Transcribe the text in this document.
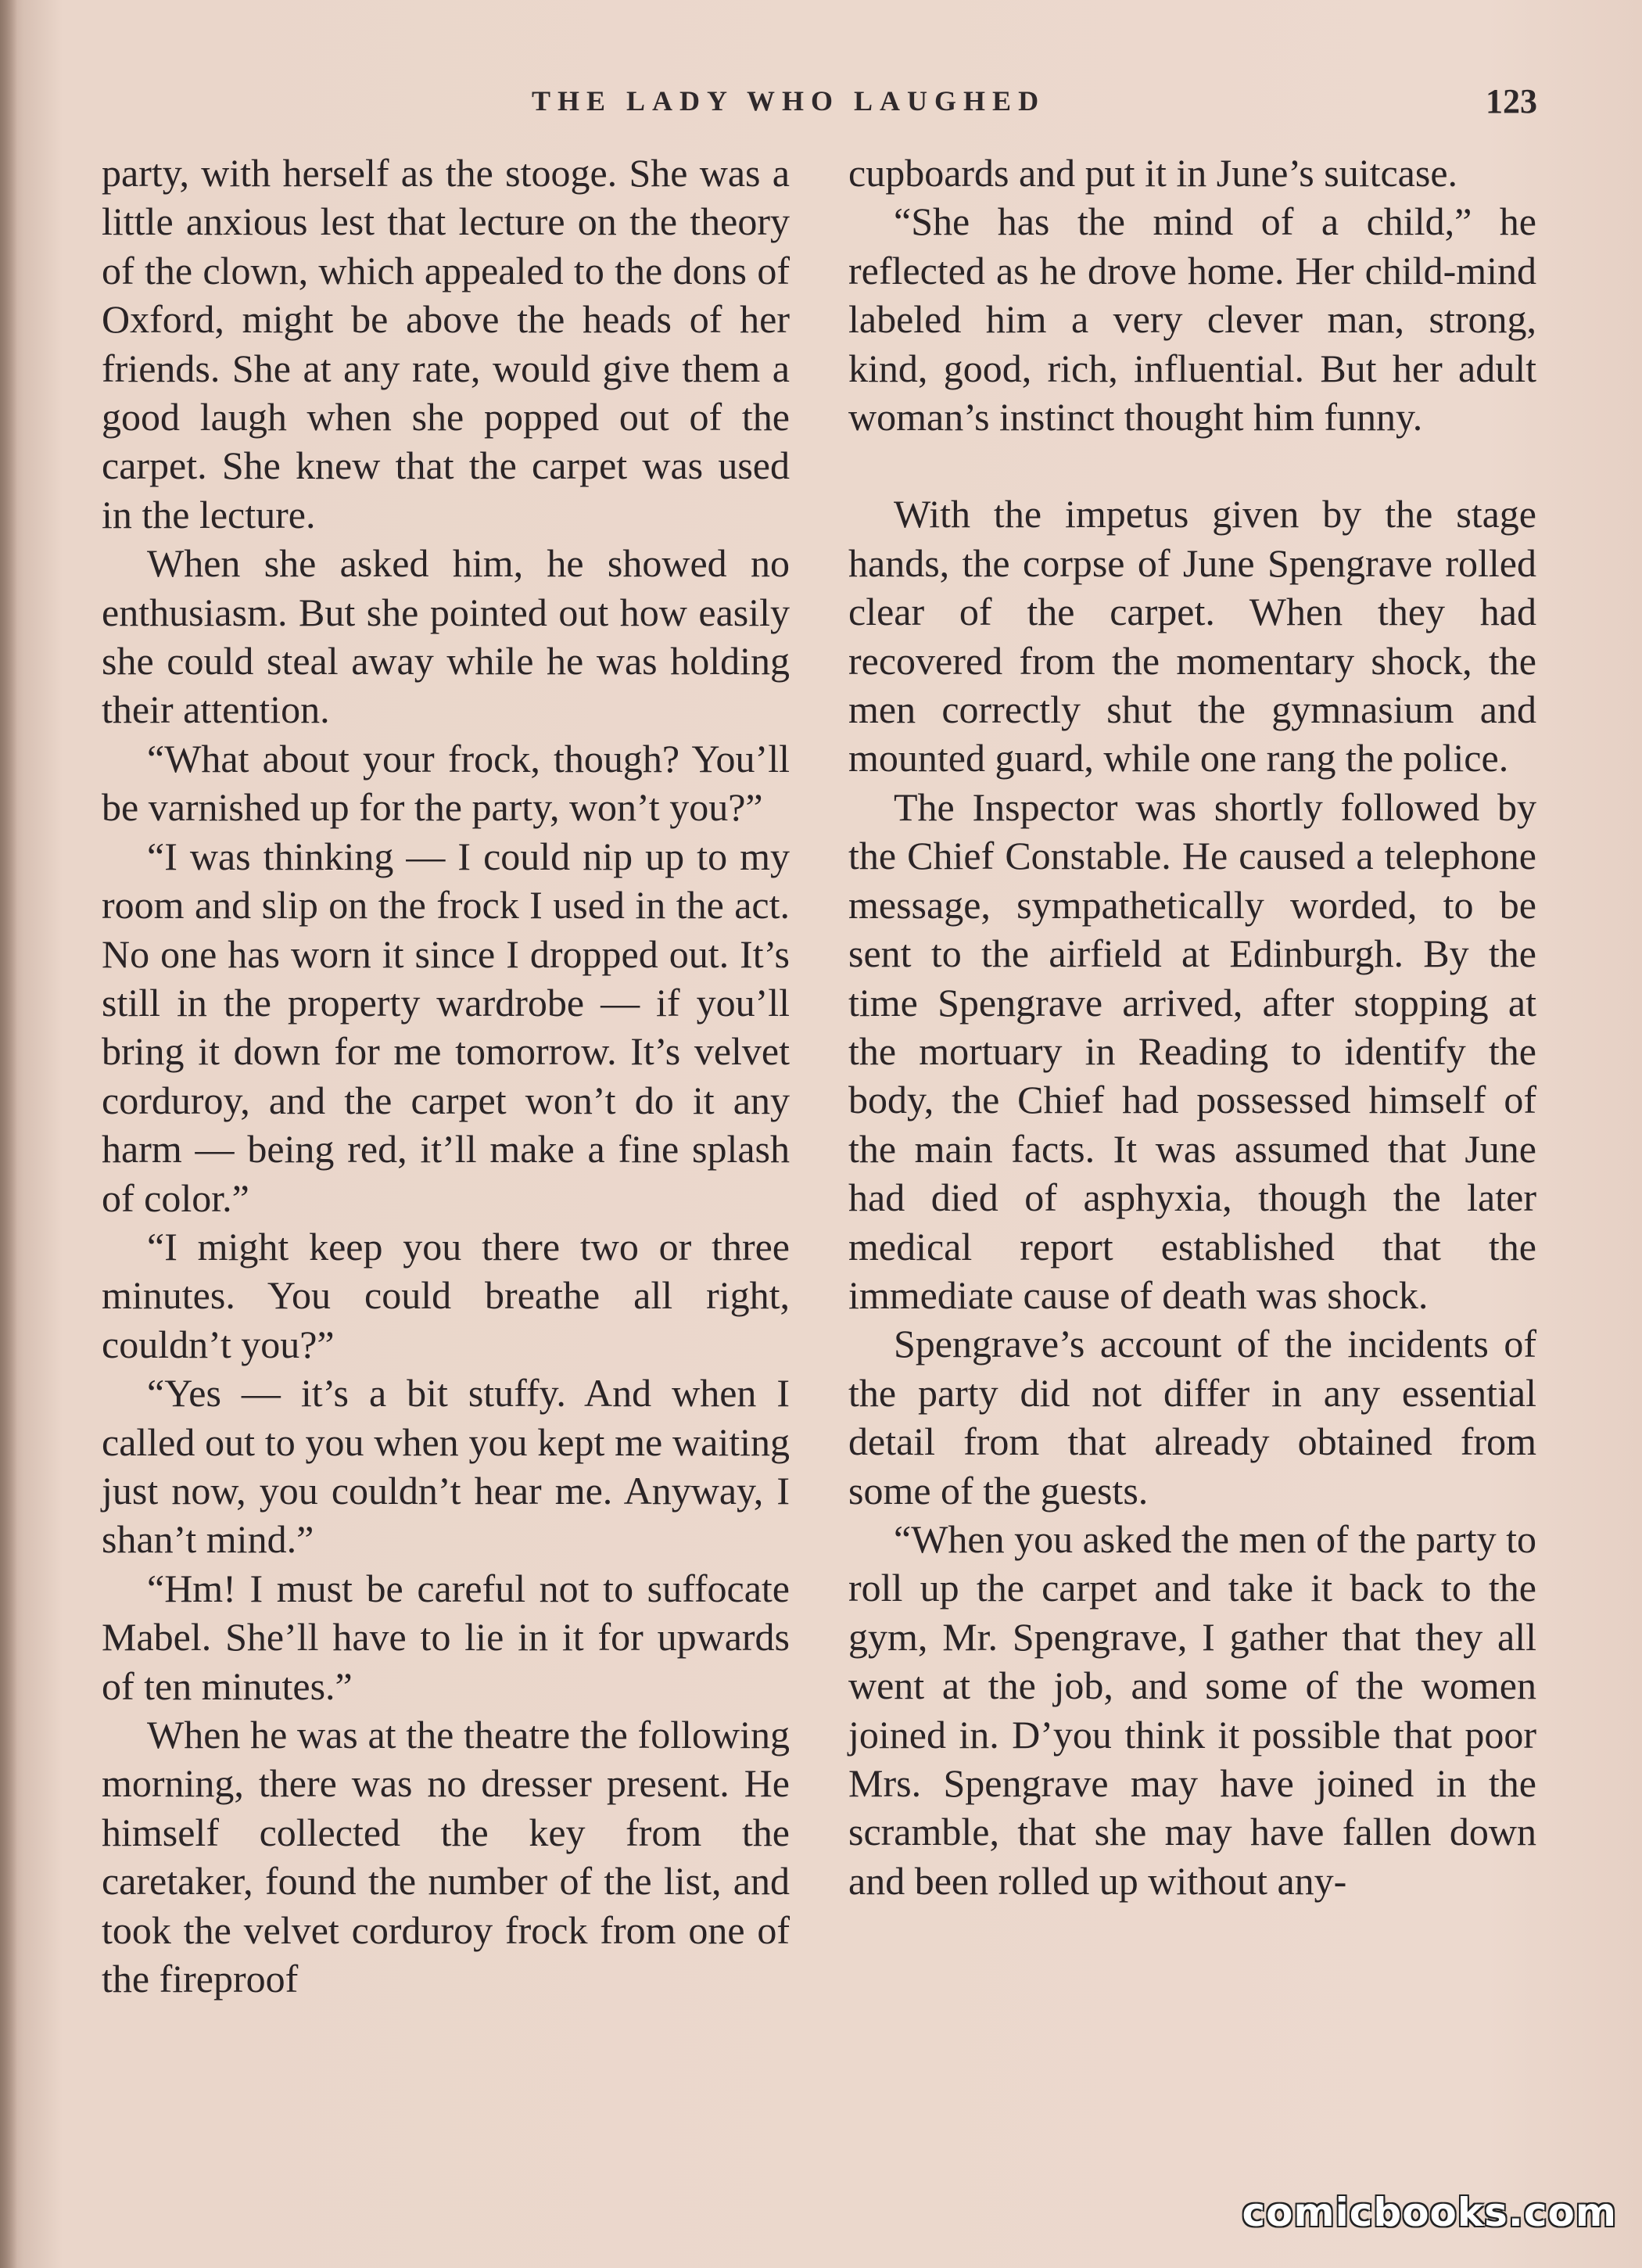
THE LADY WHO LAUGHED	123

party, with herself as the stooge. She was a little anxious lest that lecture on the theory of the clown, which appealed to the dons of Oxford, might be above the heads of her friends. She at any rate, would give them a good laugh when she popped out of the carpet. She knew that the carpet was used in the lecture.

When she asked him, he showed no enthusiasm. But she pointed out how easily she could steal away while he was holding their attention.

“What about your frock, though? You’ll be varnished up for the party, won’t you?”

“I was thinking — I could nip up to my room and slip on the frock I used in the act. No one has worn it since I dropped out. It’s still in the property wardrobe — if you’ll bring it down for me tomorrow. It’s velvet corduroy, and the carpet won’t do it any harm — being red, it’ll make a fine splash of color.”

“I might keep you there two or three minutes. You could breathe all right, couldn’t you?”

“Yes — it’s a bit stuffy. And when I called out to you when you kept me waiting just now, you couldn’t hear me. Anyway, I shan’t mind.”

“Hm! I must be careful not to suffocate Mabel. She’ll have to lie in it for upwards of ten minutes.”

When he was at the theatre the following morning, there was no dresser present. He himself collected the key from the caretaker, found the number of the list, and took the velvet corduroy frock from one of the fireproof

cupboards and put it in June’s suitcase.

“She has the mind of a child,” he reflected as he drove home. Her child-mind labeled him a very clever man, strong, kind, good, rich, influential. But her adult woman’s instinct thought him funny.

With the impetus given by the stage hands, the corpse of June Spengrave rolled clear of the carpet. When they had recovered from the momentary shock, the men correctly shut the gymnasium and mounted guard, while one rang the police.

The Inspector was shortly followed by the Chief Constable. He caused a telephone message, sympathetically worded, to be sent to the airfield at Edinburgh. By the time Spengrave arrived, after stopping at the mortuary in Reading to identify the body, the Chief had possessed himself of the main facts. It was assumed that June had died of asphyxia, though the later medical report established that the immediate cause of death was shock.

Spengrave’s account of the incidents of the party did not differ in any essential detail from that already obtained from some of the guests.

“When you asked the men of the party to roll up the carpet and take it back to the gym, Mr. Spengrave, I gather that they all went at the job, and some of the women joined in. D’you think it possible that poor Mrs. Spengrave may have joined in the scramble, that she may have fallen down and been rolled up without any-

comicbooks.com
